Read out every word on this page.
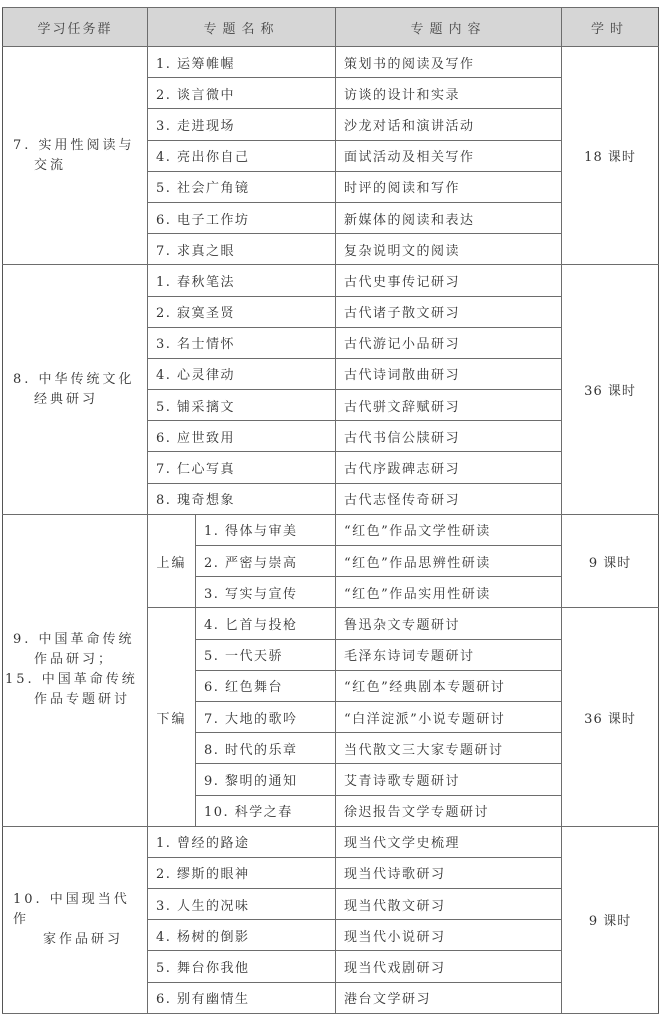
学习任务群	专题名称		专题内容	学时
7. 实用性阅读与
交流	1. 运筹帷幄		策划书的阅读及写作	18 课时
	2. 谈言微中		访谈的设计和实录	
	3. 走进现场		沙龙对话和演讲活动	
	4. 亮出你自己		面试活动及相关写作	
	5. 社会广角镜		时评的阅读和写作	
	6. 电子工作坊		新媒体的阅读和表达	
	7. 求真之眼		复杂说明文的阅读	
8. 中华传统文化
经典研习	1. 春秋笔法		古代史事传记研习	36 课时
	2. 寂寞圣贤		古代诸子散文研习	
	3. 名士情怀		古代游记小品研习	
	4. 心灵律动		古代诗词散曲研习	
	5. 铺采摛文		古代骈文辞赋研习	
	6. 应世致用		古代书信公牍研习	
	7. 仁心写真		古代序跋碑志研习	
	8. 瑰奇想象		古代志怪传奇研习	
9. 中国革命传统
作品研习；
15. 中国革命传统
作品专题研讨	上编	1. 得体与审美	“红色”作品文学性研读	9 课时
		2. 严密与崇高	“红色”作品思辨性研读	
		3. 写实与宣传	“红色”作品实用性研读	
	下编	4. 匕首与投枪	鲁迅杂文专题研讨	36 课时
		5. 一代天骄	毛泽东诗词专题研讨	
		6. 红色舞台	“红色”经典剧本专题研讨	
		7. 大地的歌吟	“白洋淀派”小说专题研讨	
		8. 时代的乐章	当代散文三大家专题研讨	
		9. 黎明的通知	艾青诗歌专题研讨	
		10. 科学之春	徐迟报告文学专题研讨	
10. 中国现当代作
家作品研习	1. 曾经的路途		现当代文学史梳理	9 课时
	2. 缪斯的眼神		现当代诗歌研习	
	3. 人生的况味		现当代散文研习	
	4. 杨树的倒影		现当代小说研习	
	5. 舞台你我他		现当代戏剧研习	
	6. 别有幽情生		港台文学研习	
